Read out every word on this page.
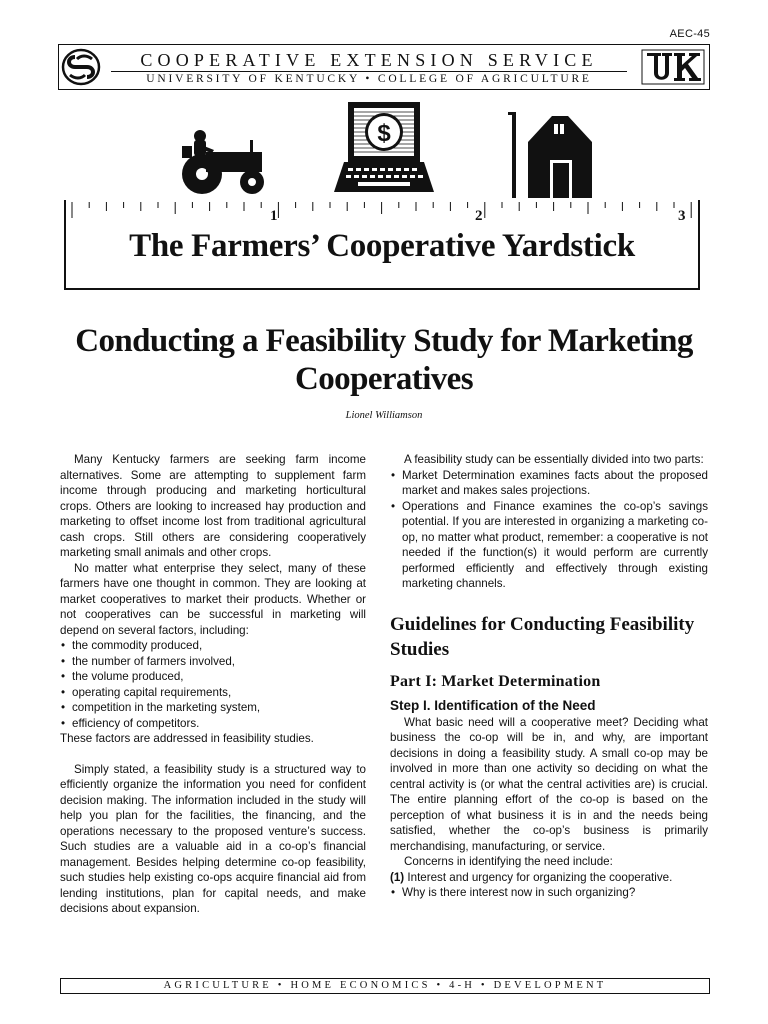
AEC-45
COOPERATIVE EXTENSION SERVICE
UNIVERSITY OF KENTUCKY • COLLEGE OF AGRICULTURE
$
1	2	3
The Farmers’ Cooperative Yardstick
Conducting a Feasibility Study for Marketing Cooperatives
Lionel Williamson

Many Kentucky farmers are seeking farm income alternatives. Some are attempting to supplement farm income through producing and marketing horticultural crops. Others are looking to increased hay production and marketing to offset income lost from traditional agricultural cash crops. Still others are considering cooperatively marketing small animals and other crops.

No matter what enterprise they select, many of these farmers have one thought in common. They are looking at market cooperatives to market their products. Whether or not cooperatives can be successful in marketing will depend on several factors, including:

• the commodity produced,
• the number of farmers involved,
• the volume produced,
• operating capital requirements,
• competition in the marketing system,
• efficiency of competitors.

These factors are addressed in feasibility studies.

Simply stated, a feasibility study is a structured way to efficiently organize the information you need for confident decision making. The information included in the study will help you plan for the facilities, the financing, and the operations necessary to the proposed venture’s success. Such studies are a valuable aid in a co-op’s financial management. Besides helping determine co-op feasibility, such studies help existing co-ops acquire financial aid from lending institutions, plan for capital needs, and make decisions about expansion.

A feasibility study can be essentially divided into two parts:

• Market Determination examines facts about the proposed market and makes sales projections.
• Operations and Finance examines the co-op’s savings potential. If you are interested in organizing a marketing co-op, no matter what product, remember: a cooperative is not needed if the function(s) it would perform are currently performed efficiently and effectively through existing marketing channels.
Guidelines for Conducting Feasibility Studies
Part I: Market Determination
Step I. Identification of the Need

What basic need will a cooperative meet? Deciding what business the co-op will be in, and why, are important decisions in doing a feasibility study. A small co-op may be involved in more than one activity so deciding on what the central activity is (or what the central activities are) is crucial. The entire planning effort of the co-op is based on the perception of what business it is in and the needs being satisfied, whether the co-op’s business is primarily merchandising, manufacturing, or service.

Concerns in identifying the need include:

(1) Interest and urgency for organizing the cooperative.

• Why is there interest now in such organizing?
AGRICULTURE • HOME ECONOMICS • 4-H • DEVELOPMENT
